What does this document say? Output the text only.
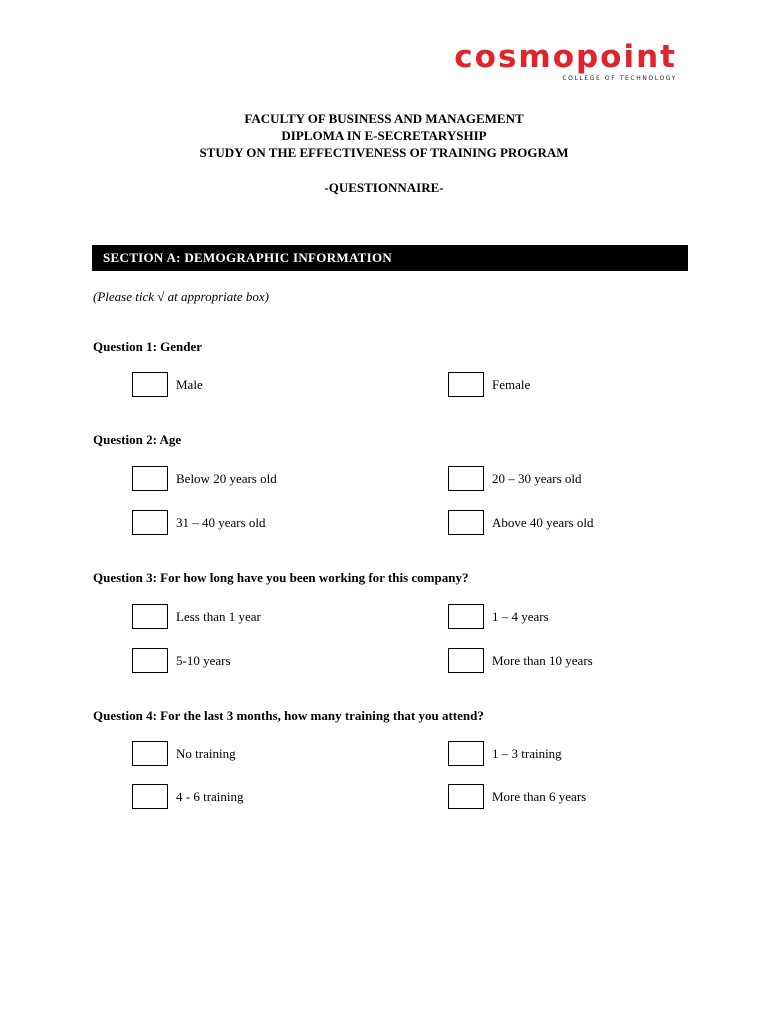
cosmopoint
COLLEGE OF TECHNOLOGY
FACULTY OF BUSINESS AND MANAGEMENT
DIPLOMA IN E-SECRETARYSHIP
STUDY ON THE EFFECTIVENESS OF TRAINING PROGRAM
-QUESTIONNAIRE-
SECTION A: DEMOGRAPHIC INFORMATION
(Please tick √ at appropriate box)
Question 1: Gender
Male	Female
Question 2: Age
Below 20 years old	20 – 30 years old
31 – 40 years old	Above 40 years old
Question 3: For how long have you been working for this company?
Less than 1 year	1 – 4 years
5-10 years	More than 10 years
Question 4: For the last 3 months, how many training that you attend?
No training	1 – 3 training
4 - 6 training	More than 6 years
